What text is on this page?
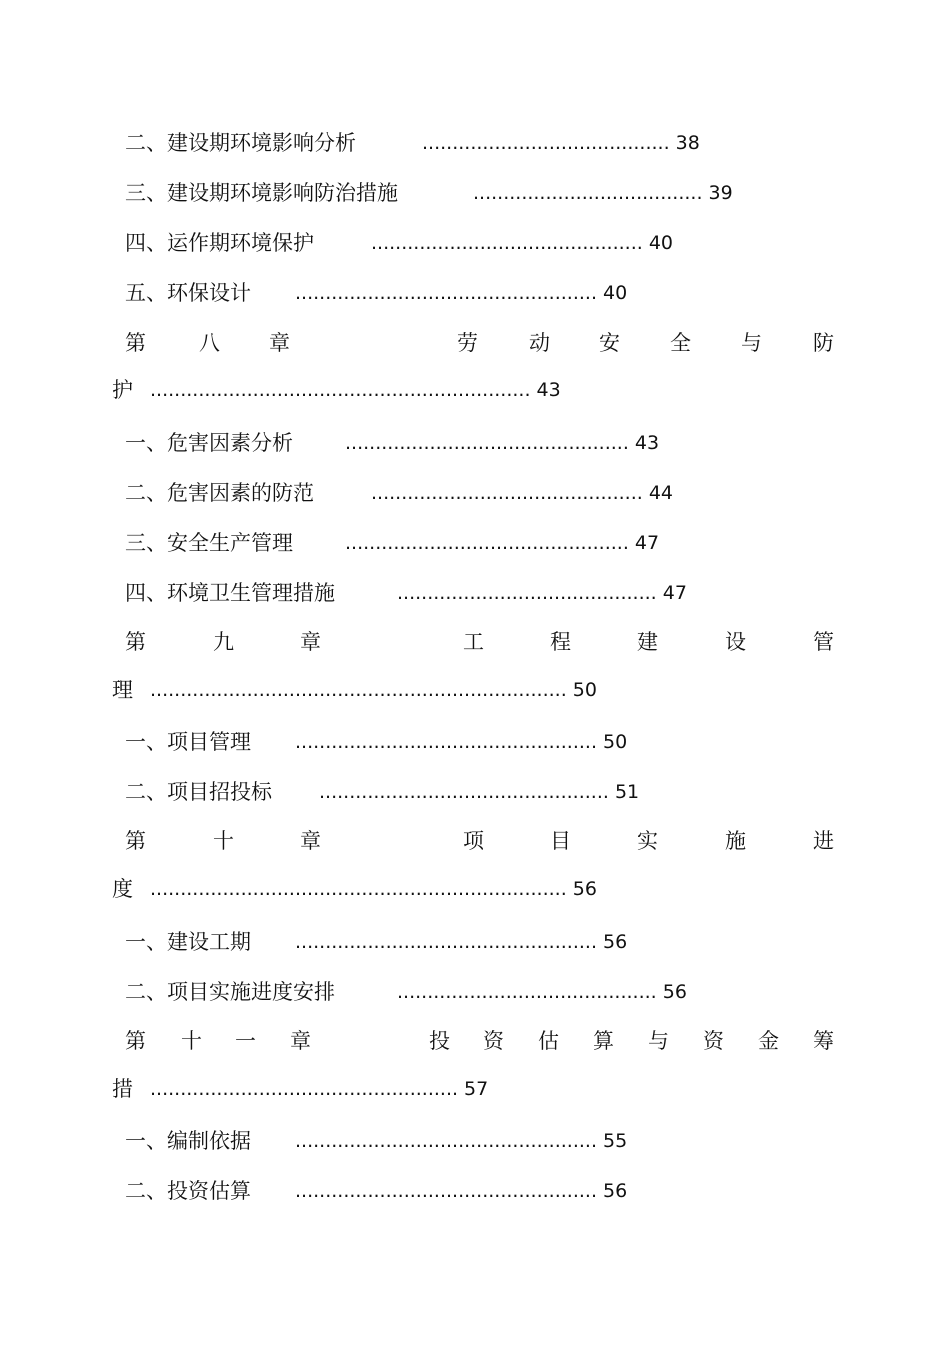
二、建设期环境影响分析	......................................... 38
三、建设期环境影响防治措施	...................................... 39
四、运作期环境保护	............................................. 40
五、环保设计 .................................................. 40
第	八 章	劳 动 安 全 与 防
护 ............................................................... 43
一、危害因素分析	............................................... 43
二、危害因素的防范	............................................. 44
三、安全生产管理	............................................... 47
四、环境卫生管理措施	........................................... 47
第	九	章	工	程	建	设	管
理 ..................................................................... 50
一、项目管理 .................................................. 50
二、项目招投标 ................................................ 51
第	十	章	项	目	实	施	进
度 ..................................................................... 56
一、建设工期 .................................................. 56
二、项目实施进度安排	........................................... 56
第 十 一 章	投 资 估 算 与 资 金 筹
措 ................................................... 57
一、编制依据 .................................................. 55
二、投资估算 .................................................. 56
